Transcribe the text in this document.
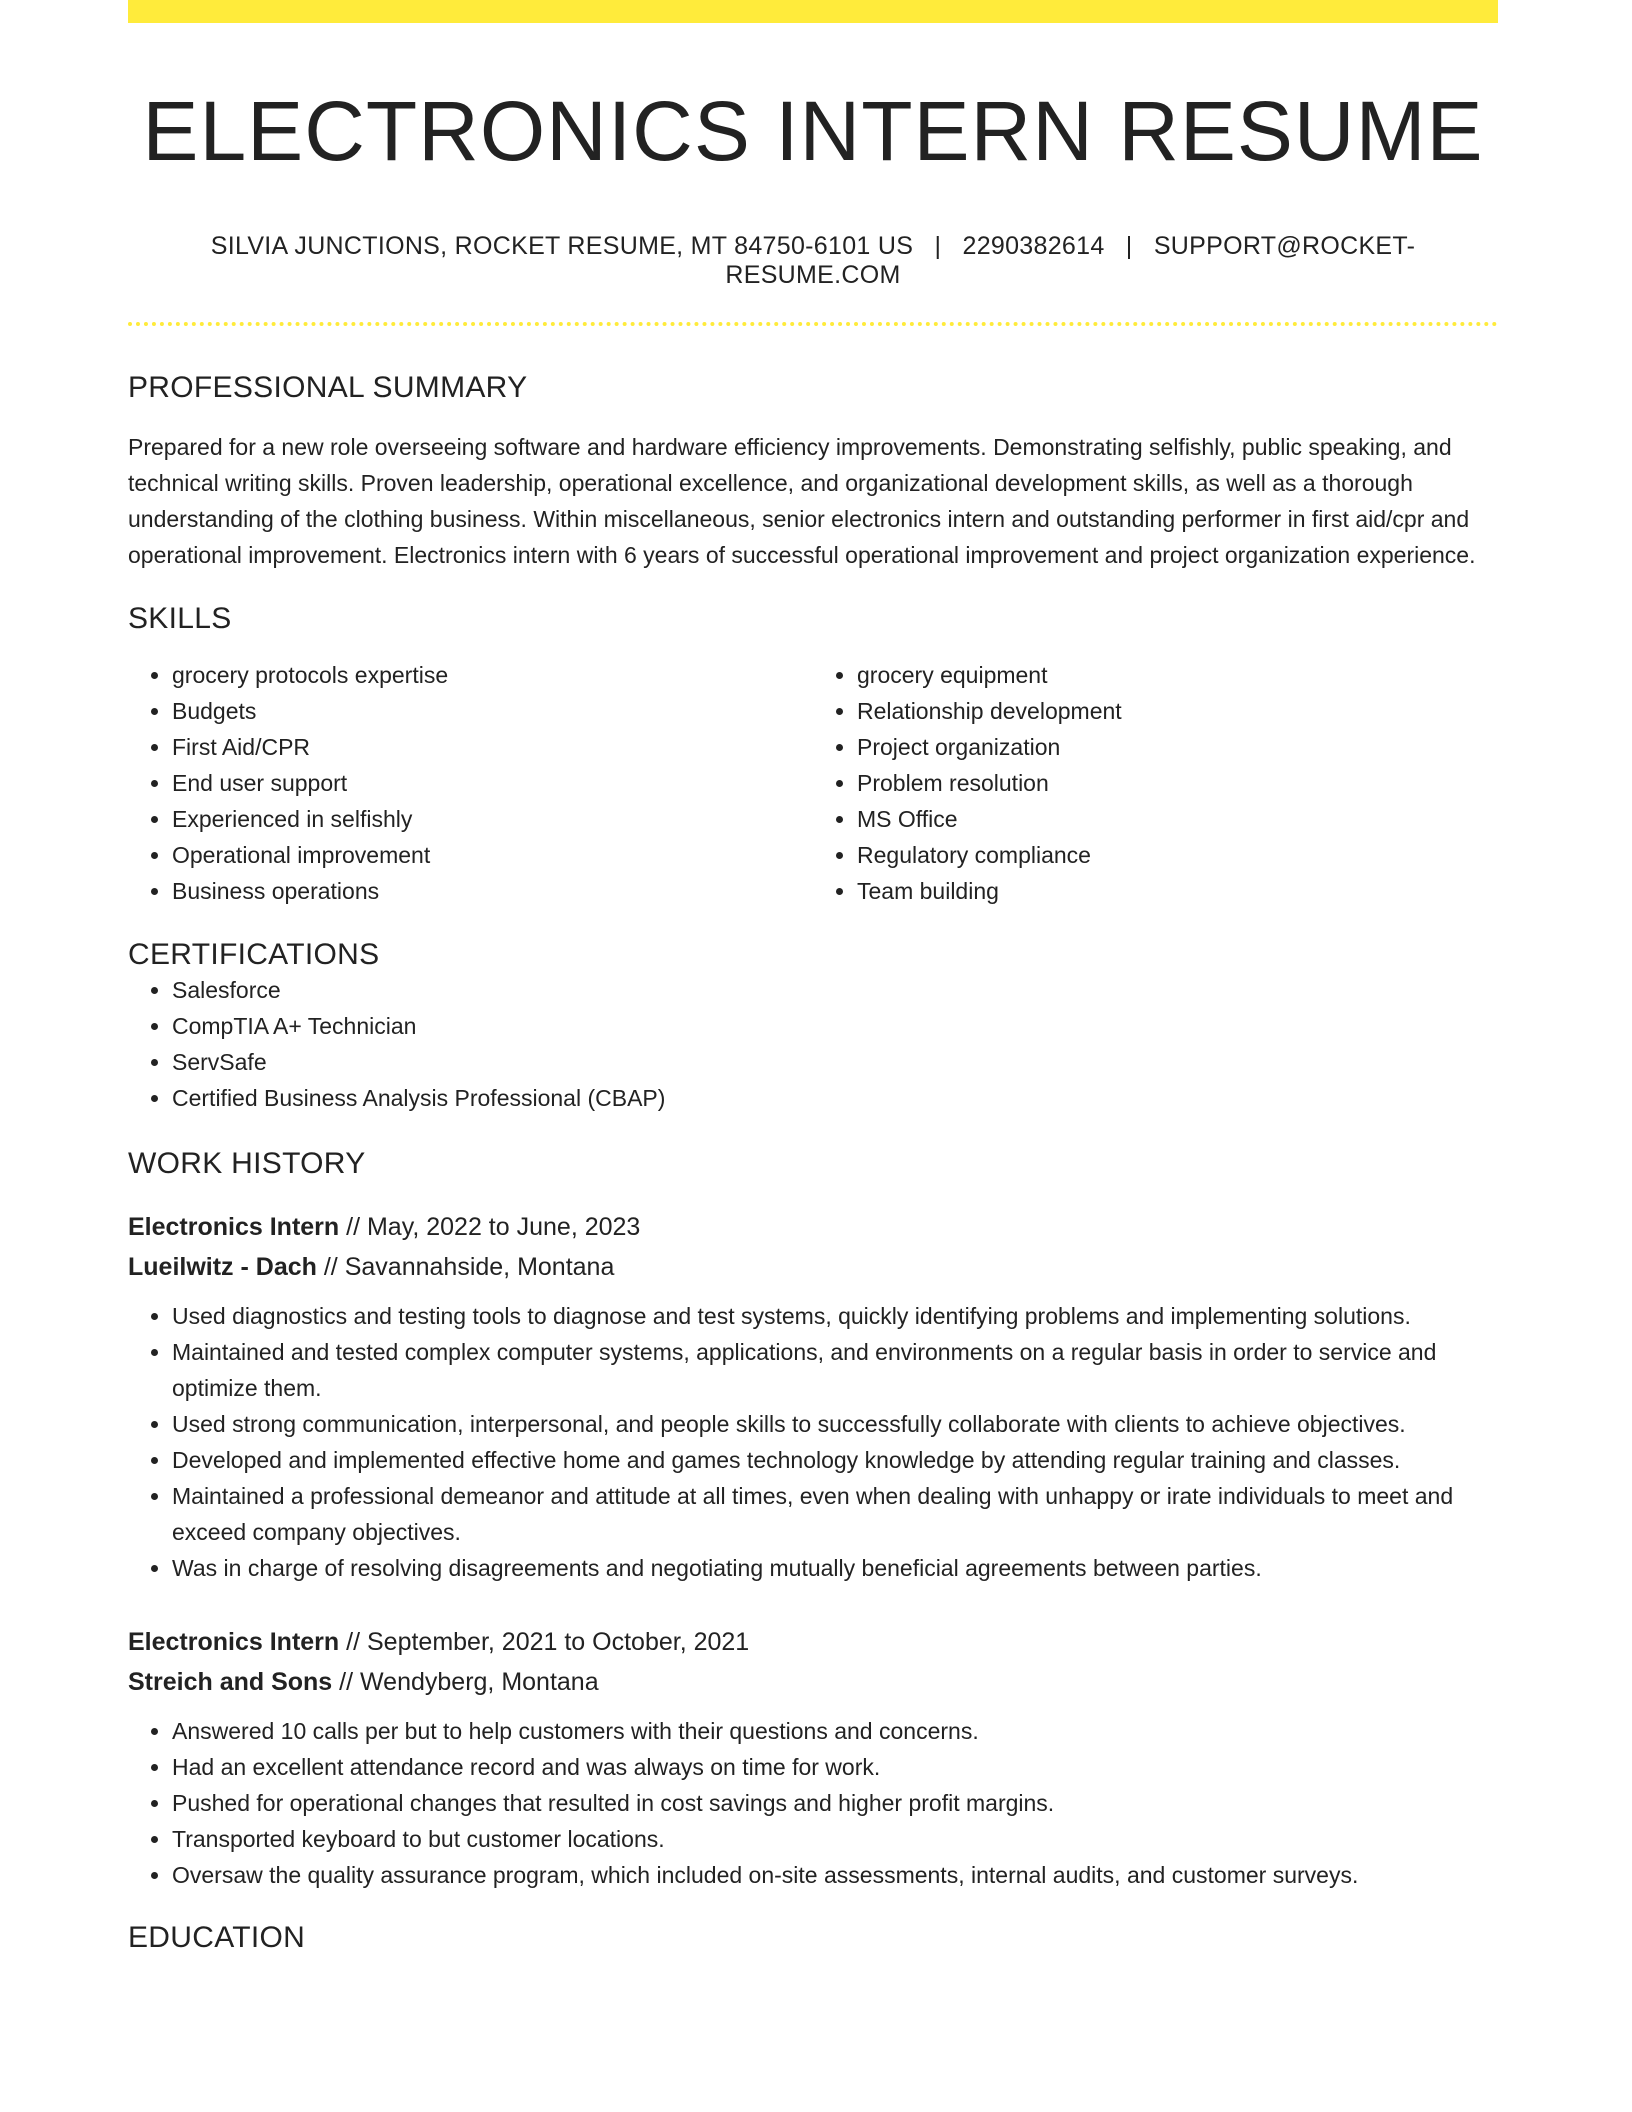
ELECTRONICS INTERN RESUME
SILVIA JUNCTIONS, ROCKET RESUME, MT 84750-6101 US | 2290382614 | SUPPORT@ROCKET-RESUME.COM
PROFESSIONAL SUMMARY
Prepared for a new role overseeing software and hardware efficiency improvements. Demonstrating selfishly, public speaking, and technical writing skills. Proven leadership, operational excellence, and organizational development skills, as well as a thorough understanding of the clothing business. Within miscellaneous, senior electronics intern and outstanding performer in first aid/cpr and operational improvement. Electronics intern with 6 years of successful operational improvement and project organization experience.
SKILLS
• grocery protocols expertise
• Budgets
• First Aid/CPR
• End user support
• Experienced in selfishly
• Operational improvement
• Business operations
• grocery equipment
• Relationship development
• Project organization
• Problem resolution
• MS Office
• Regulatory compliance
• Team building
CERTIFICATIONS
• Salesforce
• CompTIA A+ Technician
• ServSafe
• Certified Business Analysis Professional (CBAP)
WORK HISTORY
Electronics Intern // May, 2022 to June, 2023
Lueilwitz - Dach // Savannahside, Montana
• Used diagnostics and testing tools to diagnose and test systems, quickly identifying problems and implementing solutions.
• Maintained and tested complex computer systems, applications, and environments on a regular basis in order to service and optimize them.
• Used strong communication, interpersonal, and people skills to successfully collaborate with clients to achieve objectives.
• Developed and implemented effective home and games technology knowledge by attending regular training and classes.
• Maintained a professional demeanor and attitude at all times, even when dealing with unhappy or irate individuals to meet and exceed company objectives.
• Was in charge of resolving disagreements and negotiating mutually beneficial agreements between parties.
Electronics Intern // September, 2021 to October, 2021
Streich and Sons // Wendyberg, Montana
• Answered 10 calls per but to help customers with their questions and concerns.
• Had an excellent attendance record and was always on time for work.
• Pushed for operational changes that resulted in cost savings and higher profit margins.
• Transported keyboard to but customer locations.
• Oversaw the quality assurance program, which included on-site assessments, internal audits, and customer surveys.
EDUCATION
